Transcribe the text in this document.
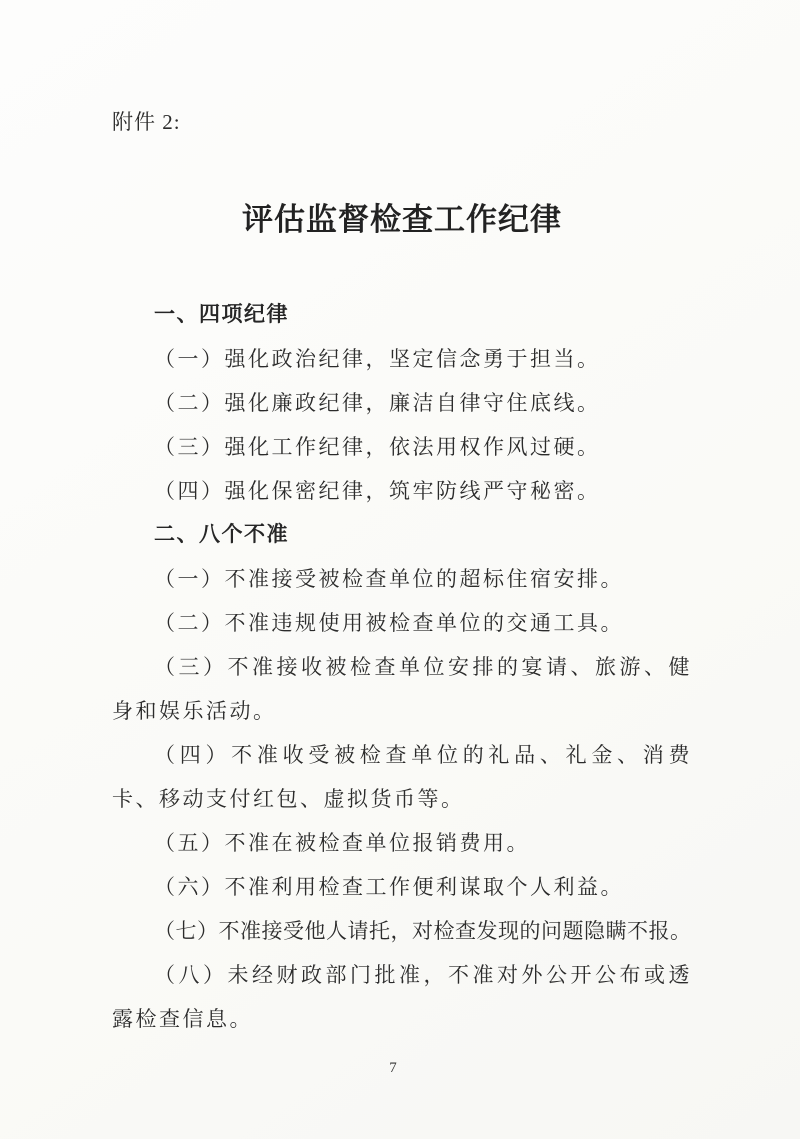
附件 2:
评估监督检查工作纪律
一、四项纪律

（一）强化政治纪律，坚定信念勇于担当。

（二）强化廉政纪律，廉洁自律守住底线。

（三）强化工作纪律，依法用权作风过硬。

（四）强化保密纪律，筑牢防线严守秘密。

二、八个不准

（一）不准接受被检查单位的超标住宿安排。

（二）不准违规使用被检查单位的交通工具。

（三）不准接收被检查单位安排的宴请、旅游、健身和娱乐活动。

（四）不准收受被检查单位的礼品、礼金、消费卡、移动支付红包、虚拟货币等。

（五）不准在被检查单位报销费用。

（六）不准利用检查工作便利谋取个人利益。

（七）不准接受他人请托，对检查发现的问题隐瞒不报。

（八）未经财政部门批准，不准对外公开公布或透露检查信息。

7
